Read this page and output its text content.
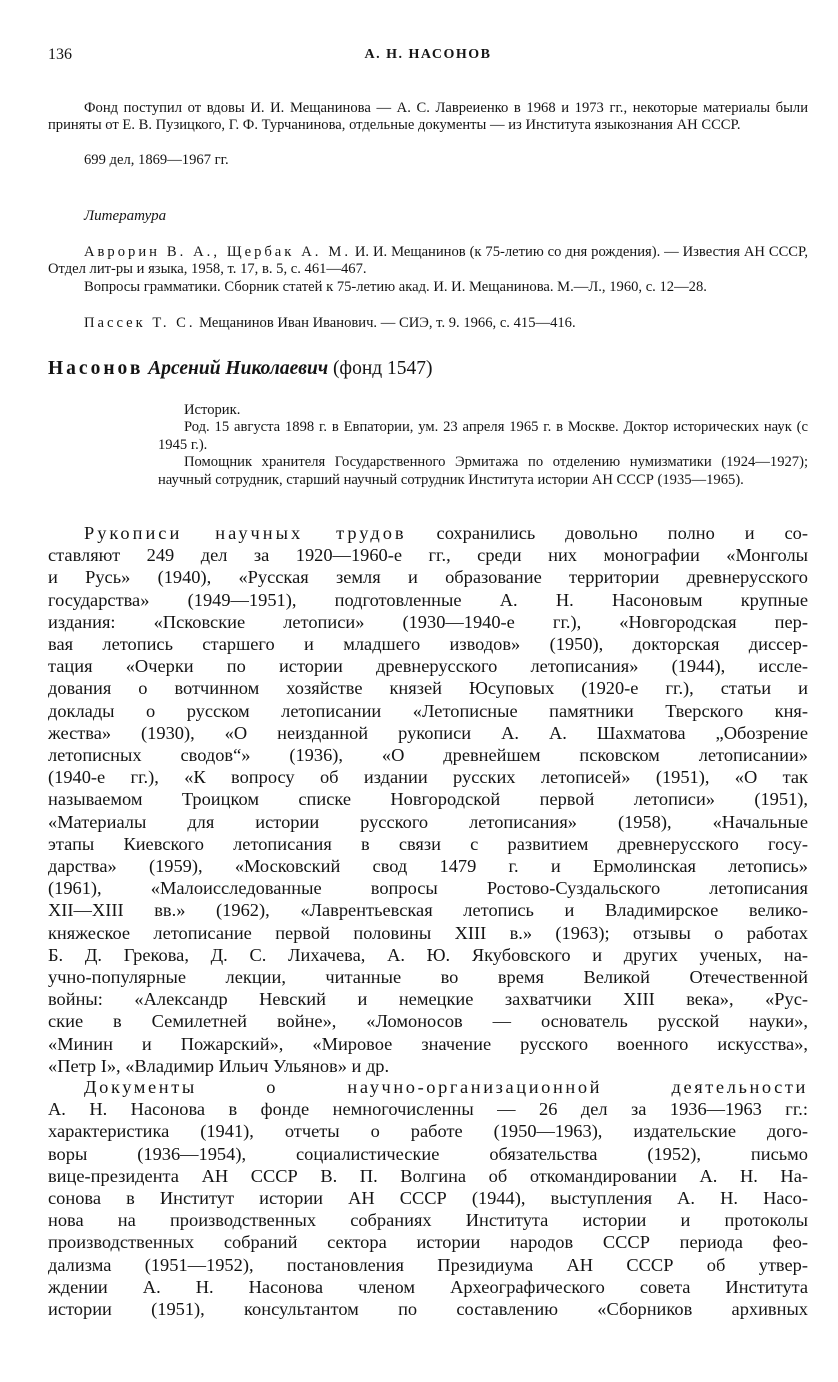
136	А. Н. НАСОНОВ

Фонд поступил от вдовы И. И. Мещанинова — А. С. Лавреиенко в 1968 и 1973 гг., некоторые материалы были приняты от Е. В. Пузицкого, Г. Ф. Турчанинова, отдельные документы — из Института языкознания АН СССР.

699 дел, 1869—1967 гг.

Литература

Аврорин В. А., Щербак А. М. И. И. Мещанинов (к 75-летию со дня рождения). — Известия АН СССР, Отдел лит-ры и языка, 1958, т. 17, в. 5, с. 461—467.

Вопросы грамматики. Сборник статей к 75-летию акад. И. И. Мещанинова. М.—Л., 1960, с. 12—28.

Пассек Т. С. Мещанинов Иван Иванович. — СИЭ, т. 9. 1966, с. 415—416.

Насонов Арсений Николаевич (фонд 1547)

Историк.

Род. 15 августа 1898 г. в Евпатории, ум. 23 апреля 1965 г. в Москве. Доктор исторических наук (с 1945 г.).

Помощник хранителя Государственного Эрмитажа по отделению нумизматики (1924—1927); научный сотрудник, старший научный сотрудник Института истории АН СССР (1935—1965).

Рукописи научных трудов сохранились довольно полно и со-
ставляют 249 дел за 1920—1960-е гг., среди них монографии «Монголы
и Русь» (1940), «Русская земля и образование территории древнерусского
государства» (1949—1951), подготовленные А. Н. Насоновым крупные
издания: «Псковские летописи» (1930—1940-е гг.), «Новгородская пер-
вая летопись старшего и младшего изводов» (1950), докторская диссер-
тация «Очерки по истории древнерусского летописания» (1944), иссле-
дования о вотчинном хозяйстве князей Юсуповых (1920-е гг.), статьи и
доклады о русском летописании «Летописные памятники Тверского кня-
жества» (1930), «О неизданной рукописи А. А. Шахматова „Обозрение
летописных сводов“» (1936), «О древнейшем псковском летописании»
(1940-е гг.), «К вопросу об издании русских летописей» (1951), «О так
называемом Троицком списке Новгородской первой летописи» (1951),
«Материалы для истории русского летописания» (1958), «Начальные
этапы Киевского летописания в связи с развитием древнерусского госу-
дарства» (1959), «Московский свод 1479 г. и Ермолинская летопись»
(1961), «Малоисследованные вопросы Ростово-Суздальского летописания
XII—XIII вв.» (1962), «Лаврентьевская летопись и Владимирское велико-
княжеское летописание первой половины XIII в.» (1963); отзывы о работах
Б. Д. Грекова, Д. С. Лихачева, А. Ю. Якубовского и других ученых, на-
учно-популярные лекции, читанные во время Великой Отечественной
войны: «Александр Невский и немецкие захватчики XIII века», «Рус-
ские в Семилетней войне», «Ломоносов — основатель русской науки»,
«Минин и Пожарский», «Мировое значение русского военного искусства»,
«Петр I», «Владимир Ильич Ульянов» и др.
Документы о научно-организационной деятельности
А. Н. Насонова в фонде немногочисленны — 26 дел за 1936—1963 гг.:
характеристика (1941), отчеты о работе (1950—1963), издательские дого-
воры (1936—1954), социалистические обязательства (1952), письмо
вице-президента АН СССР В. П. Волгина об откомандировании А. Н. На-
сонова в Институт истории АН СССР (1944), выступления А. Н. Насо-
нова на производственных собраниях Института истории и протоколы
производственных собраний сектора истории народов СССР периода фео-
дализма (1951—1952), постановления Президиума АН СССР об утвер-
ждении А. Н. Насонова членом Археографического совета Института
истории (1951), консультантом по составлению «Сборников архивных
